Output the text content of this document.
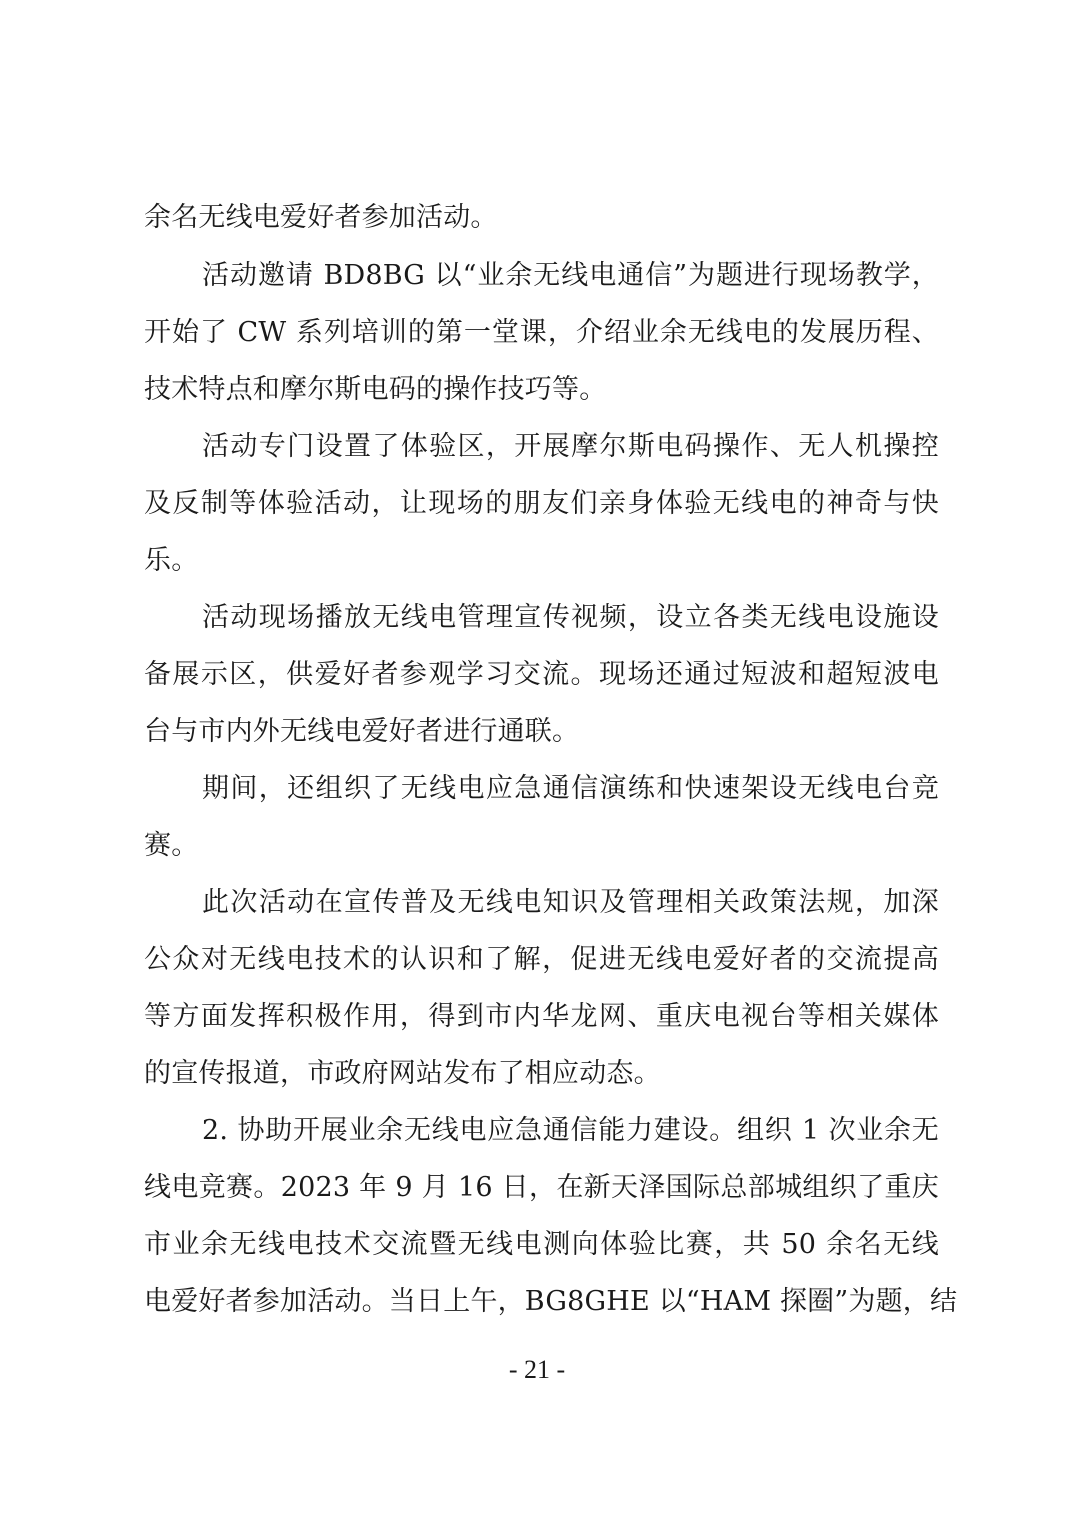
余名无线电爱好者参加活动。
活动邀请 BD8BG 以“业余无线电通信”为题进行现场教学，
开始了 CW 系列培训的第一堂课，介绍业余无线电的发展历程、
技术特点和摩尔斯电码的操作技巧等。
活动专门设置了体验区，开展摩尔斯电码操作、无人机操控
及反制等体验活动，让现场的朋友们亲身体验无线电的神奇与快
乐。
活动现场播放无线电管理宣传视频，设立各类无线电设施设
备展示区，供爱好者参观学习交流。现场还通过短波和超短波电
台与市内外无线电爱好者进行通联。
期间，还组织了无线电应急通信演练和快速架设无线电台竞
赛。
此次活动在宣传普及无线电知识及管理相关政策法规，加深
公众对无线电技术的认识和了解，促进无线电爱好者的交流提高
等方面发挥积极作用，得到市内华龙网、重庆电视台等相关媒体
的宣传报道，市政府网站发布了相应动态。
2. 协助开展业余无线电应急通信能力建设。组织 1 次业余无
线电竞赛。2023 年 9 月 16 日，在新天泽国际总部城组织了重庆
市业余无线电技术交流暨无线电测向体验比赛，共 50 余名无线
电爱好者参加活动。当日上午，BG8GHE 以“HAM 探圈”为题，结
- 21 -
